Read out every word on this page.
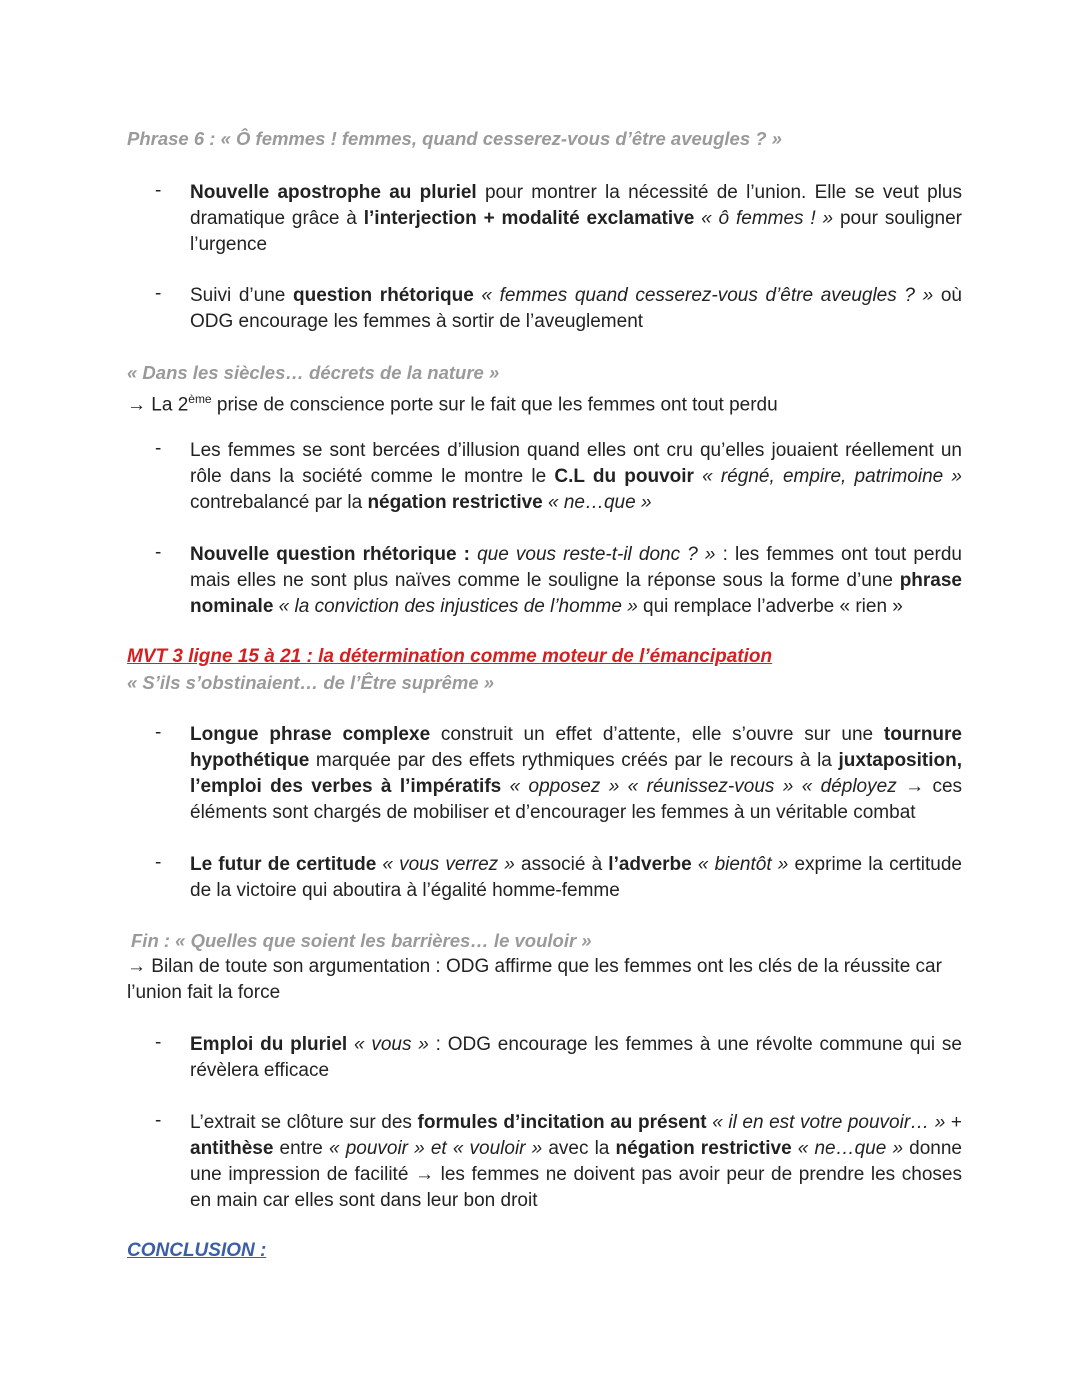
Phrase 6 : « Ô femmes ! femmes, quand cesserez-vous d’être aveugles ? »
- Nouvelle apostrophe au pluriel pour montrer la nécessité de l’union. Elle se veut plus dramatique grâce à l’interjection + modalité exclamative « ô femmes ! » pour souligner l’urgence
- Suivi d’une question rhétorique « femmes quand cesserez-vous d’être aveugles ? » où ODG encourage les femmes à sortir de l’aveuglement
« Dans les siècles… décrets de la nature »
→ La 2ème prise de conscience porte sur le fait que les femmes ont tout perdu
- Les femmes se sont bercées d’illusion quand elles ont cru qu’elles jouaient réellement un rôle dans la société comme le montre le C.L du pouvoir « régné, empire, patrimoine » contrebalancé par la négation restrictive « ne…que »
- Nouvelle question rhétorique : que vous reste-t-il donc ? » : les femmes ont tout perdu mais elles ne sont plus naïves comme le souligne la réponse sous la forme d’une phrase nominale « la conviction des injustices de l’homme » qui remplace l’adverbe « rien »
MVT 3 ligne 15 à 21 : la détermination comme moteur de l’émancipation
« S’ils s’obstinaient… de l’Être suprême »
- Longue phrase complexe construit un effet d’attente, elle s’ouvre sur une tournure hypothétique marquée par des effets rythmiques créés par le recours à la juxtaposition, l’emploi des verbes à l’impératifs « opposez » « réunissez-vous » « déployez → ces éléments sont chargés de mobiliser et d’encourager les femmes à un véritable combat
- Le futur de certitude « vous verrez » associé à l’adverbe « bientôt » exprime la certitude de la victoire qui aboutira à l’égalité homme-femme
Fin : « Quelles que soient les barrières… le vouloir »
→ Bilan de toute son argumentation : ODG affirme que les femmes ont les clés de la réussite car l’union fait la force
- Emploi du pluriel « vous » : ODG encourage les femmes à une révolte commune qui se révèlera efficace
- L’extrait se clôture sur des formules d’incitation au présent « il en est votre pouvoir… » + antithèse entre « pouvoir » et « vouloir » avec la négation restrictive « ne…que » donne une impression de facilité → les femmes ne doivent pas avoir peur de prendre les choses en main car elles sont dans leur bon droit
CONCLUSION :
